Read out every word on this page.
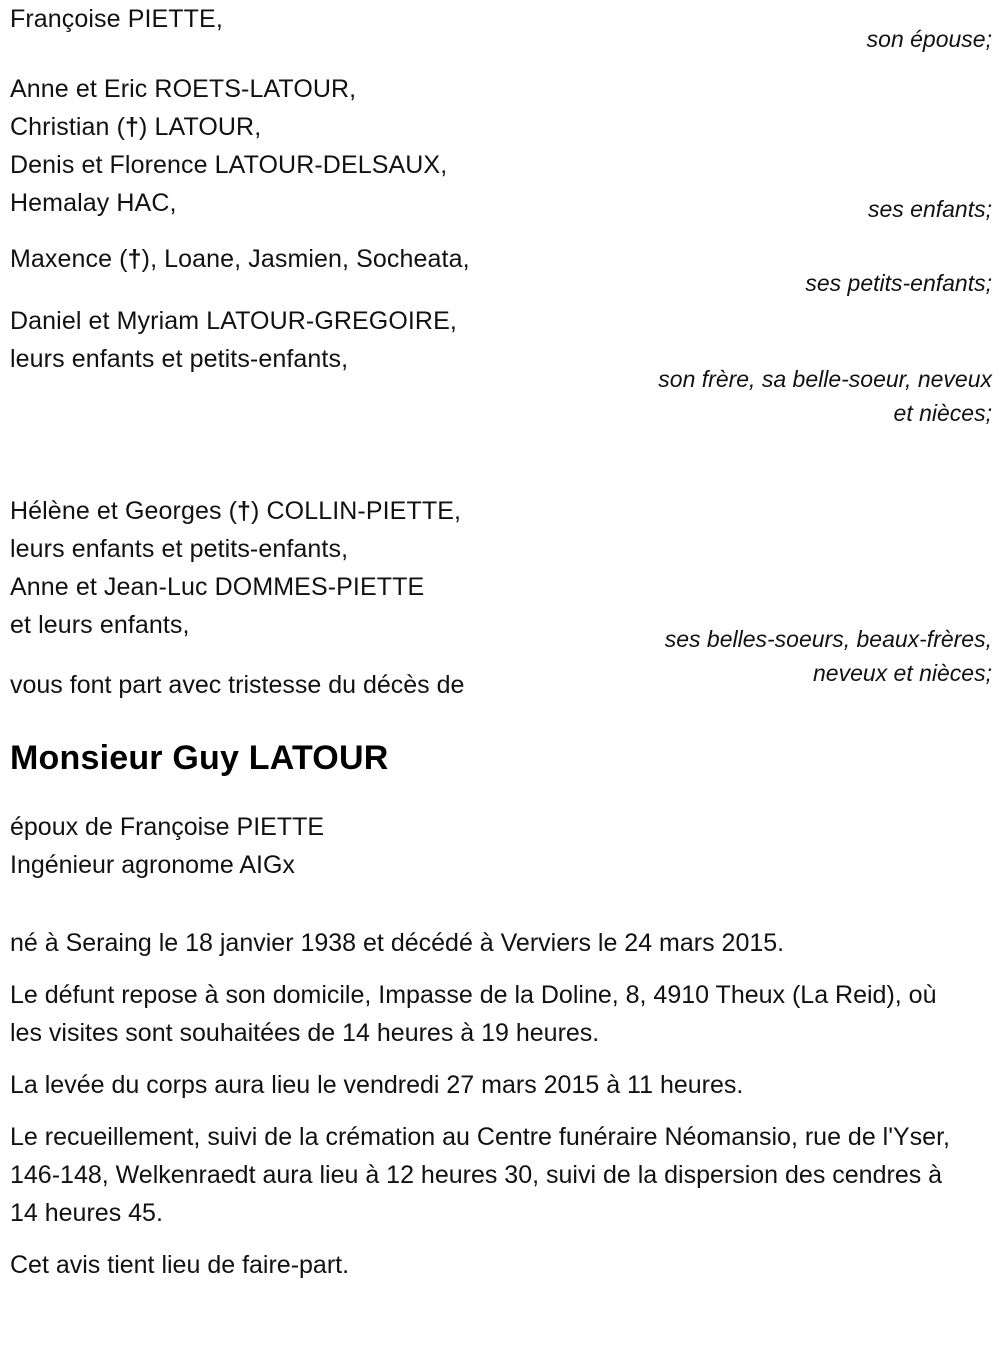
Françoise PIETTE,
son épouse;
Anne et Eric ROETS-LATOUR,
Christian (†) LATOUR,
Denis et Florence LATOUR-DELSAUX,
Hemalay HAC,	ses enfants;
Maxence (†), Loane, Jasmien, Socheata,
ses petits-enfants;
Daniel et Myriam LATOUR-GREGOIRE,
leurs enfants et petits-enfants,
son frère, sa belle-soeur, neveux et nièces;
Hélène et Georges (†) COLLIN-PIETTE,
leurs enfants et petits-enfants,
Anne et Jean-Luc DOMMES-PIETTE
et leurs enfants,	ses belles-soeurs, beaux-frères, neveux et nièces;
vous font part avec tristesse du décès de
Monsieur Guy LATOUR
époux de Françoise PIETTE
Ingénieur agronome AIGx

né à Seraing le 18 janvier 1938 et décédé à Verviers le 24 mars 2015.

Le défunt repose à son domicile, Impasse de la Doline, 8, 4910 Theux (La Reid), où les visites sont souhaitées de 14 heures à 19 heures.

La levée du corps aura lieu le vendredi 27 mars 2015 à 11 heures.

Le recueillement, suivi de la crémation au Centre funéraire Néomansio, rue de l'Yser, 146-148, Welkenraedt aura lieu à 12 heures 30, suivi de la dispersion des cendres à 14 heures 45.

Cet avis tient lieu de faire-part.
